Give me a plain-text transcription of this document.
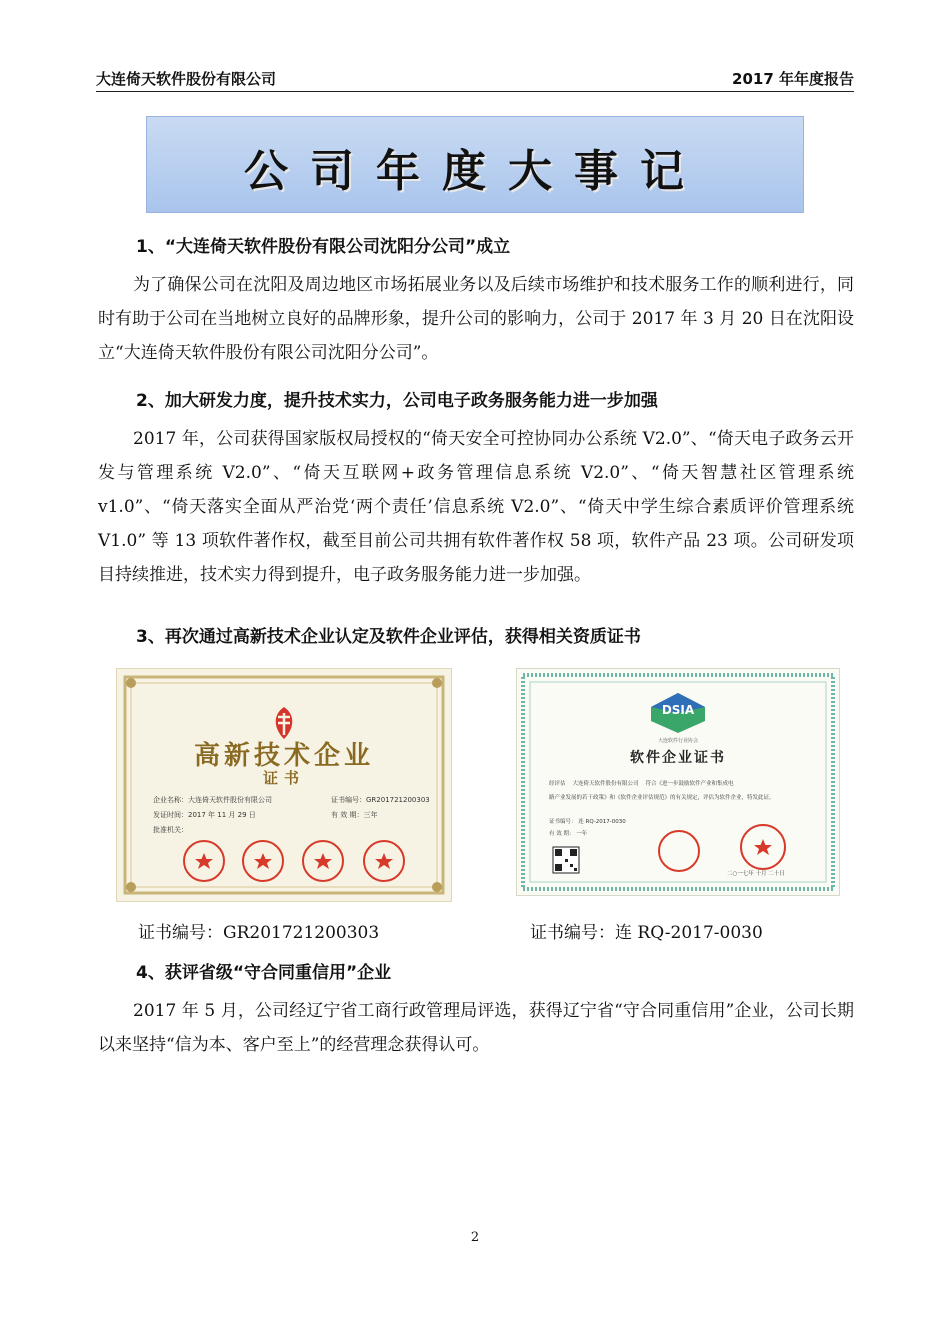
大连倚天软件股份有限公司	2017 年年度报告
公司年度大事记
1、“大连倚天软件股份有限公司沈阳分公司”成立
为了确保公司在沈阳及周边地区市场拓展业务以及后续市场维护和技术服务工作的顺利进行，同时有助于公司在当地树立良好的品牌形象，提升公司的影响力，公司于 2017 年 3 月 20 日在沈阳设立“大连倚天软件股份有限公司沈阳分公司”。
2、加大研发力度，提升技术实力，公司电子政务服务能力进一步加强
2017 年，公司获得国家版权局授权的“倚天安全可控协同办公系统 V2.0”、“倚天电子政务云开发与管理系统 V2.0”、“倚天互联网+政务管理信息系统 V2.0”、“倚天智慧社区管理系统 v1.0”、“倚天落实全面从严治党‘两个责任’信息系统 V2.0”、“倚天中学生综合素质评价管理系统 V1.0” 等 13 项软件著作权，截至目前公司共拥有软件著作权 58 项，软件产品 23 项。公司研发项目持续推进，技术实力得到提升，电子政务服务能力进一步加强。
3、再次通过高新技术企业认定及软件企业评估，获得相关资质证书
高新技术企业
证书
企业名称：大连倚天软件股份有限公司	证书编号：GR201721200303
发证时间：2017 年 11 月 29 日	有 效 期：三年
批准机关：
DSIA
大连软件行业协会
软件企业证书
经评估 大连倚天软件股份有限公司 符合《进一步鼓励软件产业和集成电
路产业发展的若干政策》和《软件企业评估规范》的有关规定，评估为软件企业，特发此证。
证书编号： 连 RQ-2017-0030
有 效 期： 一年
二○一七年 十月 二十日
证书编号：GR201721200303	证书编号：连 RQ-2017-0030
4、获评省级“守合同重信用”企业
2017 年 5 月，公司经辽宁省工商行政管理局评选，获得辽宁省“守合同重信用”企业，公司长期以来坚持“信为本、客户至上”的经营理念获得认可。
2
